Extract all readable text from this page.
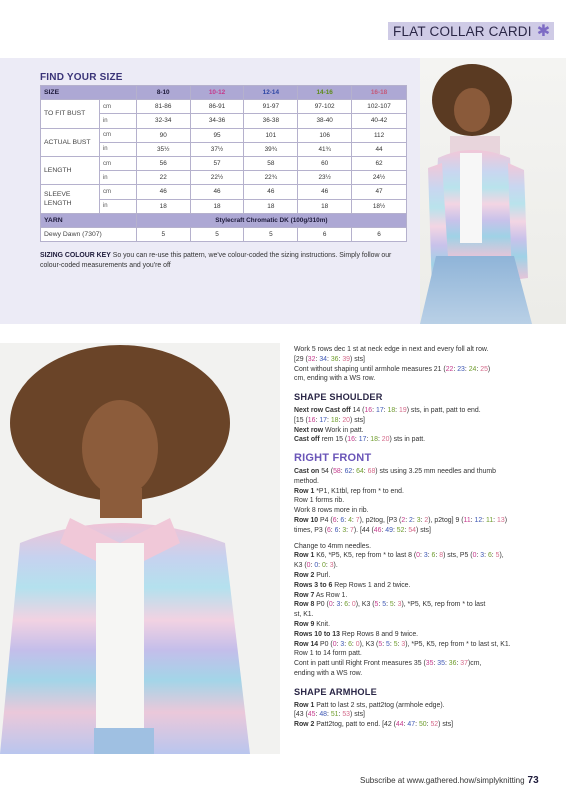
FLAT COLLAR CARDI ✱
FIND YOUR SIZE
SIZE		8-10	10-12	12-14	14-16	16-18
TO FIT BUST	cm	81-86	86-91	91-97	97-102	102-107
	in	32-34	34-36	36-38	38-40	40-42
ACTUAL BUST	cm	90	95	101	106	112
	in	35½	37½	39¾	41¾	44
LENGTH	cm	56	57	58	60	62
	in	22	22½	22¾	23½	24½
SLEEVE
LENGTH	cm	46	46	46	46	47
	in	18	18	18	18	18½
YARN		Stylecraft Chromatic DK (100g/310m)				
Dewy Dawn (7307)		5	5	5	6	6
SIZING COLOUR KEY So you can re-use this pattern, we've colour-coded the sizing instructions. Simply follow our colour-coded measurements and you're off

Work 5 rows dec 1 st at neck edge in next and every foll alt row.

[29 (32: 34: 36: 39) sts]

Cont without shaping until armhole measures 21 (22: 23: 24: 25)

cm, ending with a WS row.

SHAPE SHOULDER

Next row Cast off 14 (16: 17: 18: 19) sts, in patt, patt to end.

[15 (16: 17: 18: 20) sts]

Next row Work in patt.

Cast off rem 15 (16: 17: 18: 20) sts in patt.

RIGHT FRONT

Cast on 54 (58: 62: 64: 68) sts using 3.25 mm needles and thumb

method.

Row 1 *P1, K1tbl, rep from * to end.

Row 1 forms rib.

Work 8 rows more in rib.

Row 10 P4 (6: 6: 4: 7), p2tog, [P3 (2: 2: 3: 2), p2tog] 9 (11: 12: 11: 13)

times, P3 (6: 6: 3: 7). [44 (46: 49: 52: 54) sts]

Change to 4mm needles.

Row 1 K6, *P5, K5, rep from * to last 8 (0: 3: 6: 8) sts, P5 (0: 3: 6: 5),

K3 (0: 0: 0: 3).

Row 2 Purl.

Rows 3 to 6 Rep Rows 1 and 2 twice.

Row 7 As Row 1.

Row 8 P0 (0: 3: 6: 0), K3 (5: 5: 5: 3), *P5, K5, rep from * to last

st, K1.

Row 9 Knit.

Rows 10 to 13 Rep Rows 8 and 9 twice.

Row 14 P0 (0: 3: 6: 0), K3 (5: 5: 5: 3), *P5, K5, rep from * to last st, K1.

Row 1 to 14 form patt.

Cont in patt until Right Front measures 35 (35: 35: 36: 37)cm,

ending with a WS row.

SHAPE ARMHOLE

Row 1 Patt to last 2 sts, patt2tog (armhole edge).

[43 (45: 48: 51: 53) sts]

Row 2 Patt2tog, patt to end. [42 (44: 47: 50: 52) sts]

Subscribe at www.gathered.how/simplyknitting 73
